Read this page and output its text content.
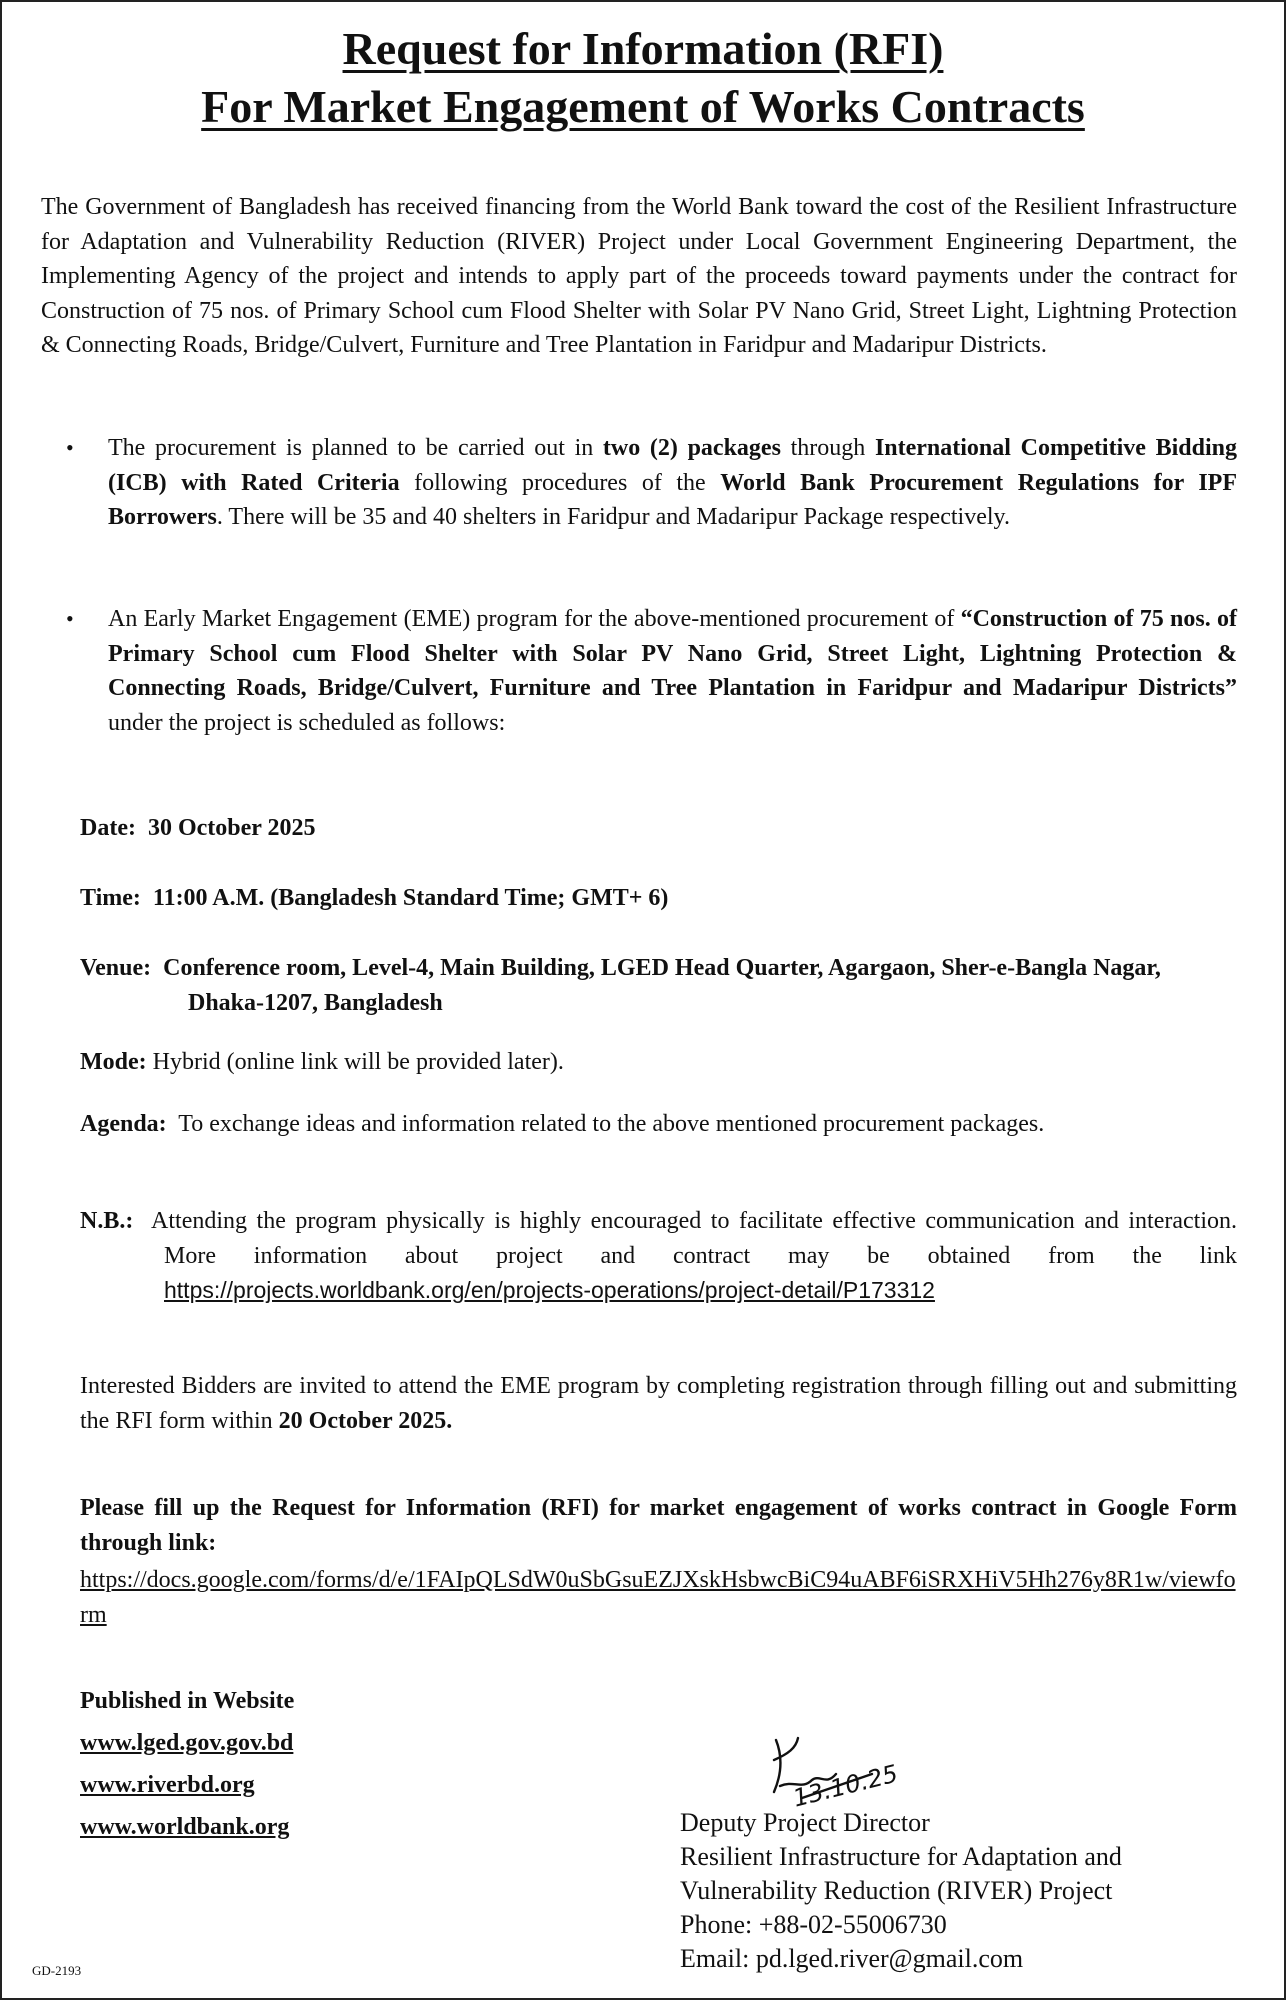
Request for Information (RFI)
For Market Engagement of Works Contracts

The Government of Bangladesh has received financing from the World Bank toward the cost of the Resilient Infrastructure for Adaptation and Vulnerability Reduction (RIVER) Project under Local Government Engineering Department, the Implementing Agency of the project and intends to apply part of the proceeds toward payments under the contract for Construction of 75 nos. of Primary School cum Flood Shelter with Solar PV Nano Grid, Street Light, Lightning Protection & Connecting Roads, Bridge/Culvert, Furniture and Tree Plantation in Faridpur and Madaripur Districts.

• The procurement is planned to be carried out in two (2) packages through International Competitive Bidding (ICB) with Rated Criteria following procedures of the World Bank Procurement Regulations for IPF Borrowers. There will be 35 and 40 shelters in Faridpur and Madaripur Package respectively.

• An Early Market Engagement (EME) program for the above-mentioned procurement of “Construction of 75 nos. of Primary School cum Flood Shelter with Solar PV Nano Grid, Street Light, Lightning Protection & Connecting Roads, Bridge/Culvert, Furniture and Tree Plantation in Faridpur and Madaripur Districts” under the project is scheduled as follows:

Date: 30 October 2025

Time: 11:00 A.M. (Bangladesh Standard Time; GMT+ 6)

Venue: Conference room, Level-4, Main Building, LGED Head Quarter, Agargaon, Sher-e-Bangla Nagar, Dhaka-1207, Bangladesh

Mode: Hybrid (online link will be provided later).

Agenda: To exchange ideas and information related to the above mentioned procurement packages.

N.B.: Attending the program physically is highly encouraged to facilitate effective communication and interaction. More information about project and contract may be obtained from the link https://projects.worldbank.org/en/projects-operations/project-detail/P173312

Interested Bidders are invited to attend the EME program by completing registration through filling out and submitting the RFI form within 20 October 2025.

Please fill up the Request for Information (RFI) for market engagement of works contract in Google Form through link:

https://docs.google.com/forms/d/e/1FAIpQLSdW0uSbGsuEZJXskHsbwcBiC94uABF6iSRXHiV5Hh276y8R1w/viewform

Published in Website
www.lged.gov.gov.bd
www.riverbd.org
www.worldbank.org
13.10.25
Deputy Project Director
Resilient Infrastructure for Adaptation and
Vulnerability Reduction (RIVER) Project
Phone: +88-02-55006730
Email: pd.lged.river@gmail.com
GD-2193
